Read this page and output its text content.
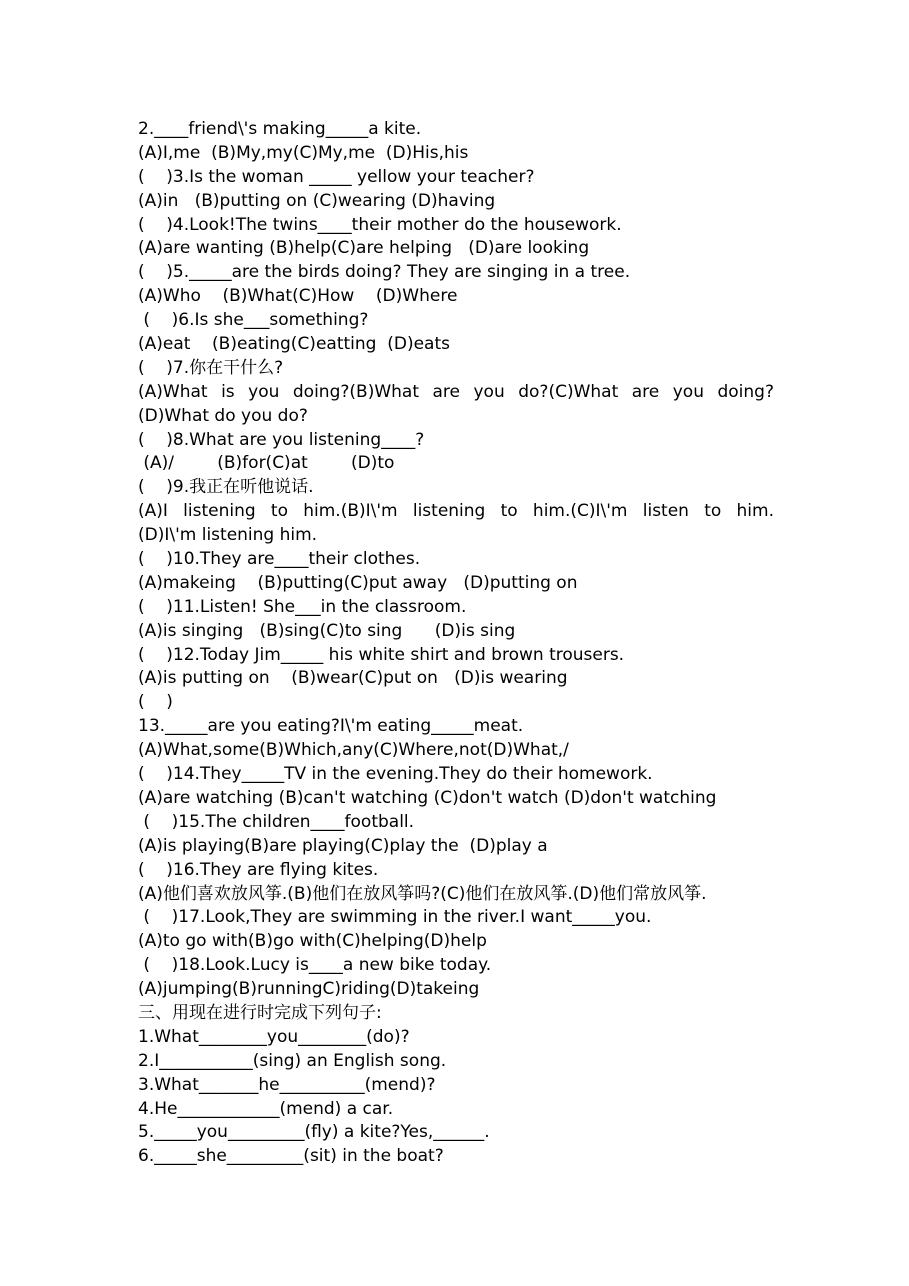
2.____friend\'s making_____a kite.
(A)I,me  (B)My,my(C)My,me  (D)His,his
(    )3.Is the woman _____ yellow your teacher?
(A)in   (B)putting on (C)wearing (D)having
(    )4.Look!The twins____their mother do the housework.
(A)are wanting (B)help(C)are helping   (D)are looking
(    )5._____are the birds doing? They are singing in a tree.
(A)Who    (B)What(C)How    (D)Where
(    )6.Is she___something?
(A)eat    (B)eating(C)eatting  (D)eats
(    )7.你在干什么?
(A)What is you doing?(B)What are you do?(C)What are you doing?
(D)What do you do?
(    )8.What are you listening____?
(A)/        (B)for(C)at        (D)to
(    )9.我正在听他说话.
(A)I listening to him.(B)I\'m listening to him.(C)I\'m listen to him.
(D)I\'m listening him.
(    )10.They are____their clothes.
(A)makeing    (B)putting(C)put away   (D)putting on
(    )11.Listen! She___in the classroom.
(A)is singing   (B)sing(C)to sing      (D)is sing
(    )12.Today Jim_____ his white shirt and brown trousers.
(A)is putting on    (B)wear(C)put on   (D)is wearing
(    )
13._____are you eating?I\'m eating_____meat.
(A)What,some(B)Which,any(C)Where,not(D)What,/
(    )14.They_____TV in the evening.They do their homework.
(A)are watching (B)can't watching (C)don't watch (D)don't watching
(    )15.The children____football.
(A)is playing(B)are playing(C)play the  (D)play a
(    )16.They are flying kites.
(A)他们喜欢放风筝.(B)他们在放风筝吗?(C)他们在放风筝.(D)他们常放风筝.
(    )17.Look,They are swimming in the river.I want_____you.
(A)to go with(B)go with(C)helping(D)help
(    )18.Look.Lucy is____a new bike today.
(A)jumping(B)runningC)riding(D)takeing
三、用现在进行时完成下列句子:
1.What________you________(do)?
2.I___________(sing) an English song.
3.What_______he__________(mend)?
4.He____________(mend) a car.
5._____you_________(fly) a kite?Yes,______.
6._____she_________(sit) in the boat?
